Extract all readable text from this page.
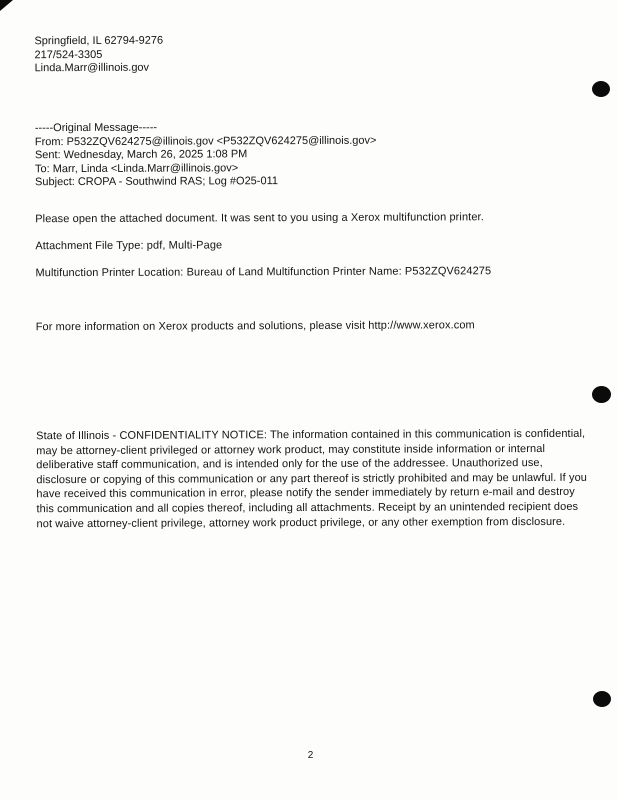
Springfield, IL 62794-9276
217/524-3305
Linda.Marr@illinois.gov
-----Original Message-----
From: P532ZQV624275@illinois.gov <P532ZQV624275@illinois.gov>
Sent: Wednesday, March 26, 2025 1:08 PM
To: Marr, Linda <Linda.Marr@illinois.gov>
Subject: CROPA - Southwind RAS; Log #O25-011
Please open the attached document. It was sent to you using a Xerox multifunction printer.
Attachment File Type: pdf, Multi-Page
Multifunction Printer Location: Bureau of Land Multifunction Printer Name: P532ZQV624275
For more information on Xerox products and solutions, please visit http://www.xerox.com
State of Illinois - CONFIDENTIALITY NOTICE: The information contained in this communication is confidential, may be attorney-client privileged or attorney work product, may constitute inside information or internal deliberative staff communication, and is intended only for the use of the addressee. Unauthorized use, disclosure or copying of this communication or any part thereof is strictly prohibited and may be unlawful. If you have received this communication in error, please notify the sender immediately by return e-mail and destroy this communication and all copies thereof, including all attachments. Receipt by an unintended recipient does not waive attorney-client privilege, attorney work product privilege, or any other exemption from disclosure.
2
